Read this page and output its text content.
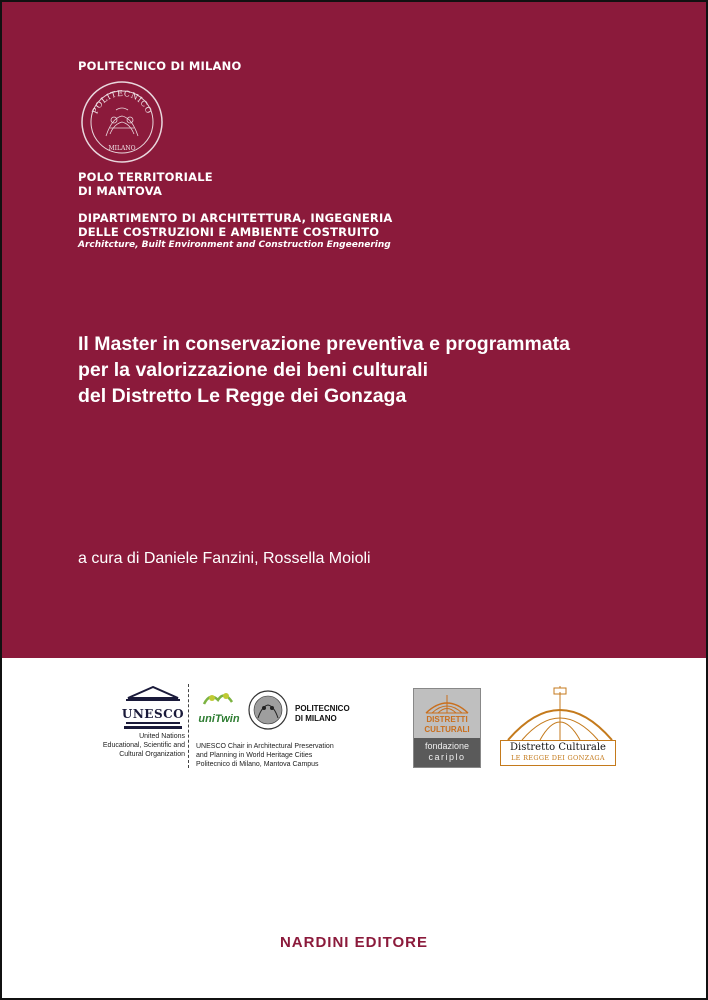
POLITECNICO DI MILANO

POLITECNICO
MILANO

POLO TERRITORIALE

DI MANTOVA

DIPARTIMENTO DI ARCHITETTURA, INGEGNERIA

DELLE COSTRUZIONI E AMBIENTE COSTRUITO

Architcture, Built Environment and Construction Engeenering

Il Master in conservazione preventiva e programmata

per la valorizzazione dei beni culturali

del Distretto Le Regge dei Gonzaga

a cura di Daniele Fanzini, Rossella Moioli

UNESCO

United Nations

Educational, Scientific and

Cultural Organization

uniTwin

POLITECNICO

DI MILANO

UNESCO Chair in Architectural Preservation

and Planning in World Heritage Cities

Politecnico di Milano, Mantova Campus

DISTRETTI

CULTURALI

fondazione

cariplo

Distretto Culturale

LE REGGE DEI GONZAGA

NARDINI EDITORE
